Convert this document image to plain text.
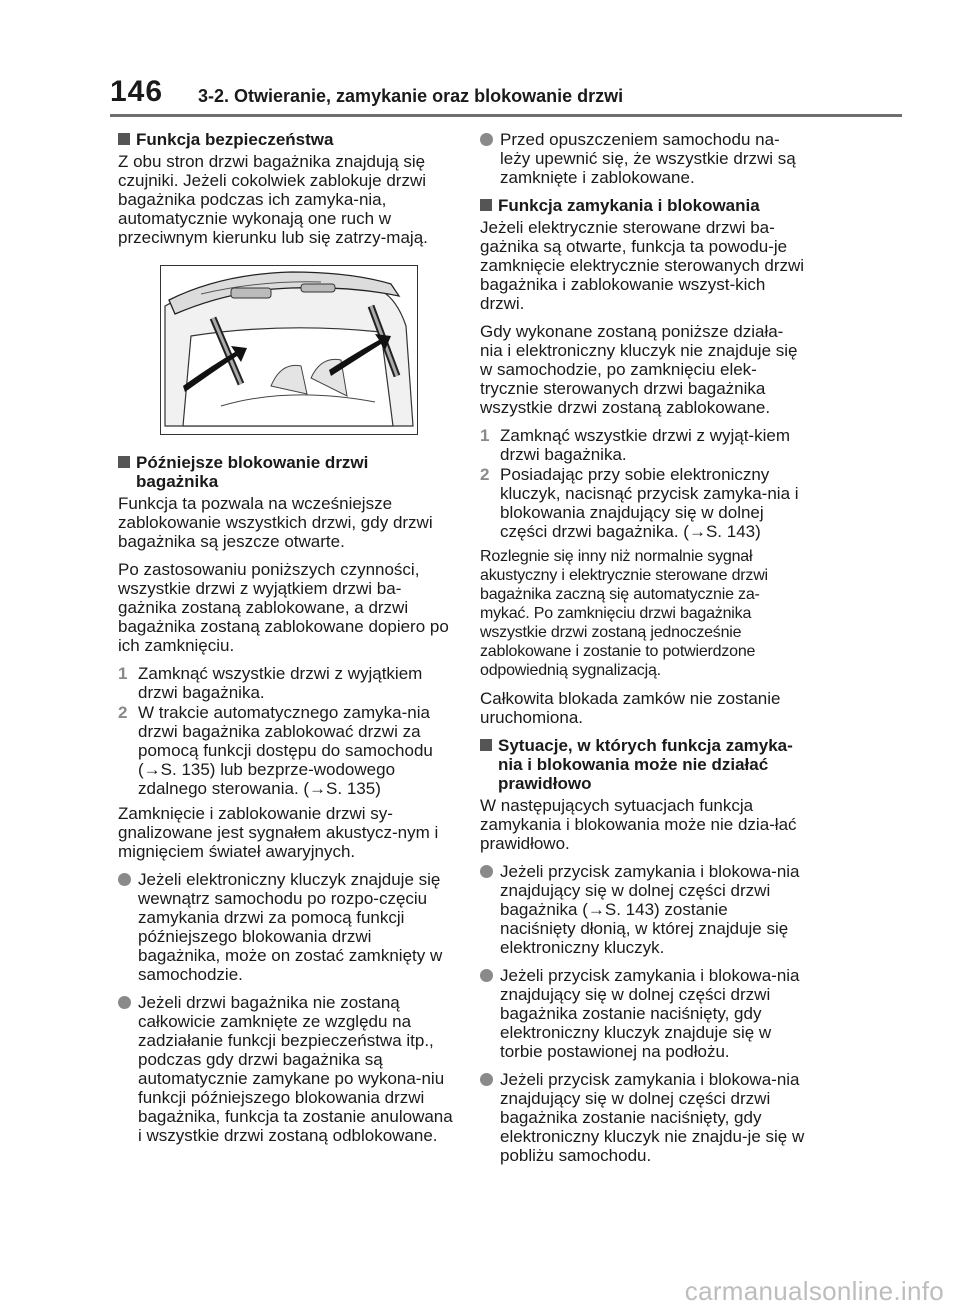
146 3-2. Otwieranie, zamykanie oraz blokowanie drzwi
Funkcja bezpieczeństwa
Z obu stron drzwi bagażnika znajdują się czujniki. Jeżeli cokolwiek zablokuje drzwi bagażnika podczas ich zamyka-nia, automatycznie wykonają one ruch w przeciwnym kierunku lub się zatrzy-mają.
Późniejsze blokowanie drzwi bagażnika
Funkcja ta pozwala na wcześniejsze zablokowanie wszystkich drzwi, gdy drzwi bagażnika są jeszcze otwarte.
Po zastosowaniu poniższych czynności, wszystkie drzwi z wyjątkiem drzwi ba-gażnika zostaną zablokowane, a drzwi bagażnika zostaną zablokowane dopiero po ich zamknięciu.
1 Zamknąć wszystkie drzwi z wyjątkiem drzwi bagażnika.
2 W trakcie automatycznego zamyka-nia drzwi bagażnika zablokować drzwi za pomocą funkcji dostępu do samochodu (→S. 135) lub bezprze-wodowego zdalnego sterowania. (→S. 135)
Zamknięcie i zablokowanie drzwi sy-gnalizowane jest sygnałem akustycz-nym i mignięciem świateł awaryjnych.
Jeżeli elektroniczny kluczyk znajduje się wewnątrz samochodu po rozpo-częciu zamykania drzwi za pomocą funkcji późniejszego blokowania drzwi bagażnika, może on zostać zamknięty w samochodzie.
Jeżeli drzwi bagażnika nie zostaną całkowicie zamknięte ze względu na zadziałanie funkcji bezpieczeństwa itp., podczas gdy drzwi bagażnika są automatycznie zamykane po wykona-niu funkcji późniejszego blokowania drzwi bagażnika, funkcja ta zostanie anulowana i wszystkie drzwi zostaną odblokowane.
Przed opuszczeniem samochodu na-leży upewnić się, że wszystkie drzwi są zamknięte i zablokowane.
Funkcja zamykania i blokowania
Jeżeli elektrycznie sterowane drzwi ba-gażnika są otwarte, funkcja ta powodu-je zamknięcie elektrycznie sterowanych drzwi bagażnika i zablokowanie wszyst-kich drzwi.
Gdy wykonane zostaną poniższe działa-nia i elektroniczny kluczyk nie znajduje się w samochodzie, po zamknięciu elek-trycznie sterowanych drzwi bagażnika wszystkie drzwi zostaną zablokowane.
1 Zamknąć wszystkie drzwi z wyjąt-kiem drzwi bagażnika.
2 Posiadając przy sobie elektroniczny kluczyk, nacisnąć przycisk zamyka-nia i blokowania znajdujący się w dolnej części drzwi bagażnika. (→S. 143)
Rozlegnie się inny niż normalnie sygnał akustyczny i elektrycznie sterowane drzwi bagażnika zaczną się automatycznie za-mykać. Po zamknięciu drzwi bagażnika wszystkie drzwi zostaną jednocześnie zablokowane i zostanie to potwierdzone odpowiednią sygnalizacją.
Całkowita blokada zamków nie zostanie uruchomiona.
Sytuacje, w których funkcja zamyka-nia i blokowania może nie działać prawidłowo
W następujących sytuacjach funkcja zamykania i blokowania może nie dzia-łać prawidłowo.
Jeżeli przycisk zamykania i blokowa-nia znajdujący się w dolnej części drzwi bagażnika (→S. 143) zostanie naciśnięty dłonią, w której znajduje się elektroniczny kluczyk.
Jeżeli przycisk zamykania i blokowa-nia znajdujący się w dolnej części drzwi bagażnika zostanie naciśnięty, gdy elektroniczny kluczyk znajduje się w torbie postawionej na podłożu.
Jeżeli przycisk zamykania i blokowa-nia znajdujący się w dolnej części drzwi bagażnika zostanie naciśnięty, gdy elektroniczny kluczyk nie znajdu-je się w pobliżu samochodu.
carmanualsonline.info
